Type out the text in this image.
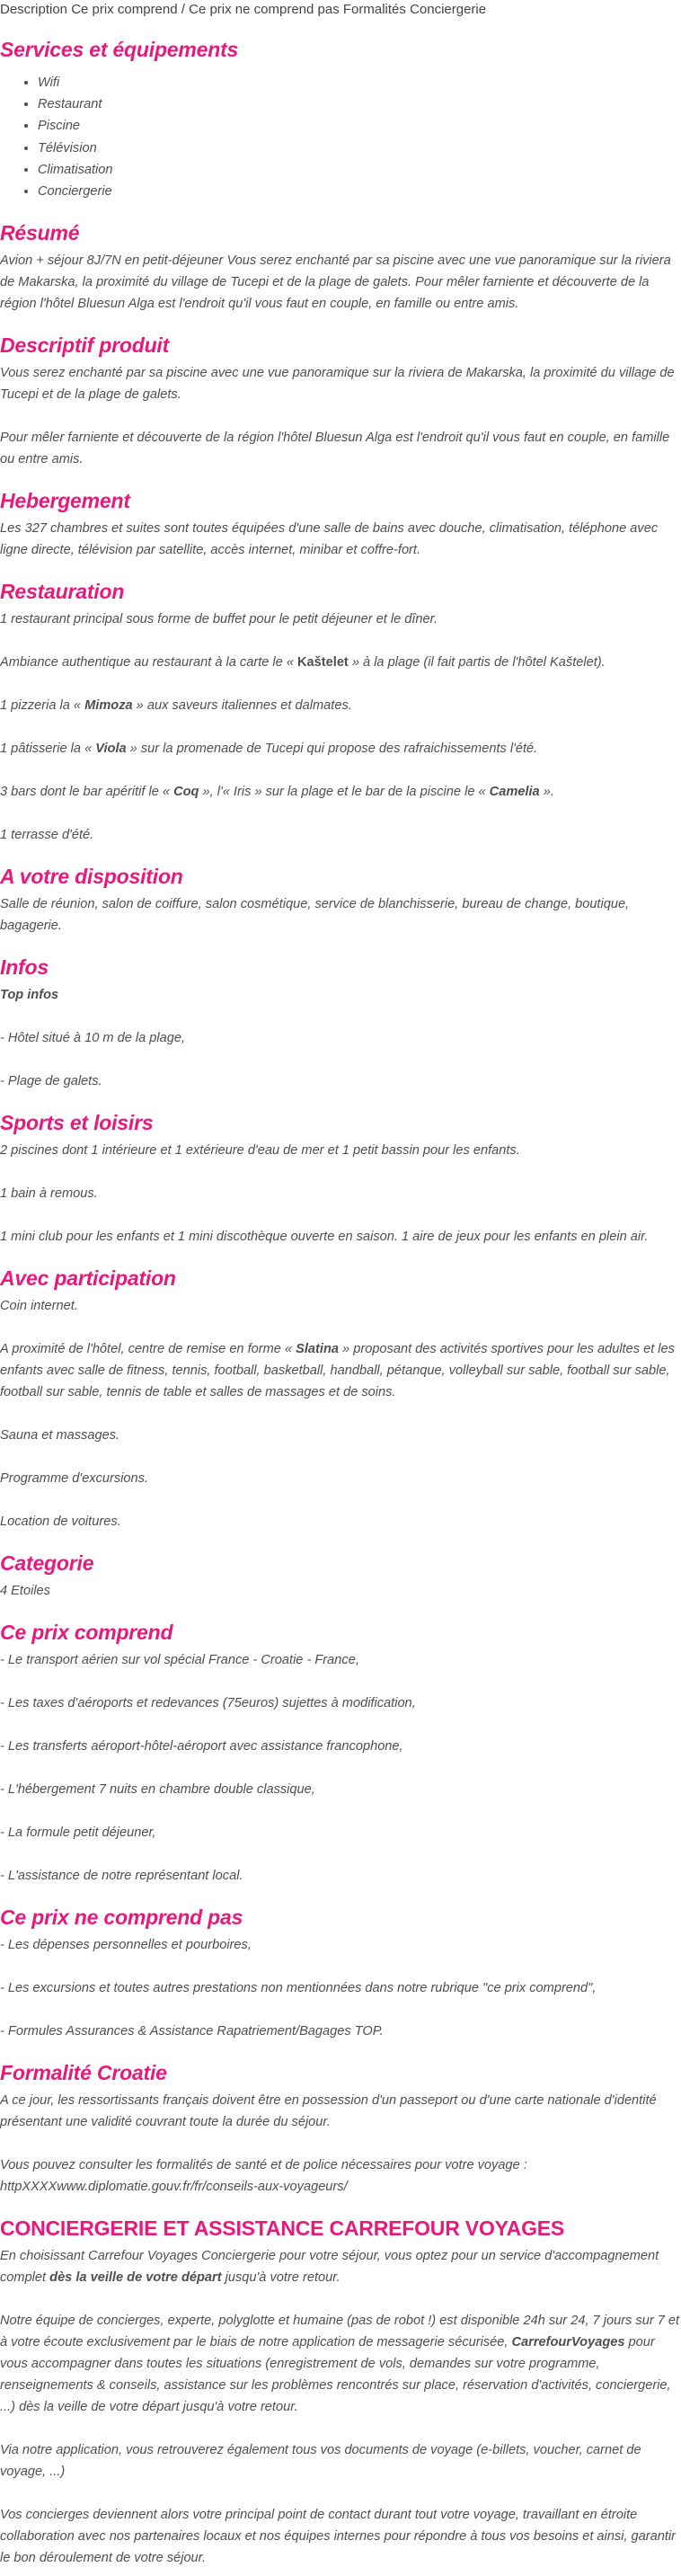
Description Ce prix comprend / Ce prix ne comprend pas Formalités Conciergerie
Services et équipements
• Wifi
• Restaurant
• Piscine
• Télévision
• Climatisation
• Conciergerie
Résumé

Avion + séjour 8J/7N en petit-déjeuner Vous serez enchanté par sa piscine avec une vue panoramique sur la riviera de Makarska, la proximité du village de Tucepi et de la plage de galets. Pour mêler farniente et découverte de la région l'hôtel Bluesun Alga est l'endroit qu'il vous faut en couple, en famille ou entre amis.

Descriptif produit

Vous serez enchanté par sa piscine avec une vue panoramique sur la riviera de Makarska, la proximité du village de Tucepi et de la plage de galets.

Pour mêler farniente et découverte de la région l'hôtel Bluesun Alga est l'endroit qu'il vous faut en couple, en famille ou entre amis.

Hebergement

Les 327 chambres et suites sont toutes équipées d'une salle de bains avec douche, climatisation, téléphone avec ligne directe, télévision par satellite, accès internet, minibar et coffre-fort.

Restauration

1 restaurant principal sous forme de buffet pour le petit déjeuner et le dîner.

Ambiance authentique au restaurant à la carte le « Kaštelet » à la plage (il fait partis de l'hôtel Kaštelet).

1 pizzeria la « Mimoza » aux saveurs italiennes et dalmates.

1 pâtisserie la « Viola » sur la promenade de Tucepi qui propose des rafraichissements l'été.

3 bars dont le bar apéritif le « Coq », l'« Iris » sur la plage et le bar de la piscine le « Camelia ».

1 terrasse d'été.

A votre disposition

Salle de réunion, salon de coiffure, salon cosmétique, service de blanchisserie, bureau de change, boutique, bagagerie.

Infos

Top infos

- Hôtel situé à 10 m de la plage,

- Plage de galets.

Sports et loisirs

2 piscines dont 1 intérieure et 1 extérieure d'eau de mer et 1 petit bassin pour les enfants.

1 bain à remous.

1 mini club pour les enfants et 1 mini discothèque ouverte en saison. 1 aire de jeux pour les enfants en plein air.

Avec participation

Coin internet.

A proximité de l'hôtel, centre de remise en forme « Slatina » proposant des activités sportives pour les adultes et les enfants avec salle de fitness, tennis, football, basketball, handball, pétanque, volleyball sur sable, football sur sable, football sur sable, tennis de table et salles de massages et de soins.

Sauna et massages.

Programme d'excursions.

Location de voitures.

Categorie

4 Etoiles

Ce prix comprend

- Le transport aérien sur vol spécial France - Croatie - France,

- Les taxes d'aéroports et redevances (75euros) sujettes à modification,

- Les transferts aéroport-hôtel-aéroport avec assistance francophone,

- L'hébergement 7 nuits en chambre double classique,

- La formule petit déjeuner,

- L'assistance de notre représentant local.

Ce prix ne comprend pas

- Les dépenses personnelles et pourboires,

- Les excursions et toutes autres prestations non mentionnées dans notre rubrique "ce prix comprend",

- Formules Assurances & Assistance Rapatriement/Bagages TOP.

Formalité Croatie

A ce jour, les ressortissants français doivent être en possession d'un passeport ou d'une carte nationale d'identité présentant une validité couvrant toute la durée du séjour.

Vous pouvez consulter les formalités de santé et de police nécessaires pour votre voyage : httpXXXXwww.diplomatie.gouv.fr/fr/conseils-aux-voyageurs/

CONCIERGERIE ET ASSISTANCE CARREFOUR VOYAGES

En choisissant Carrefour Voyages Conciergerie pour votre séjour, vous optez pour un service d'accompagnement complet dès la veille de votre départ jusqu'à votre retour.

Notre équipe de concierges, experte, polyglotte et humaine (pas de robot !) est disponible 24h sur 24, 7 jours sur 7 et à votre écoute exclusivement par le biais de notre application de messagerie sécurisée, CarrefourVoyages pour vous accompagner dans toutes les situations (enregistrement de vols, demandes sur votre programme, renseignements & conseils, assistance sur les problèmes rencontrés sur place, réservation d'activités, conciergerie, ...) dès la veille de votre départ jusqu'à votre retour.

Via notre application, vous retrouverez également tous vos documents de voyage (e-billets, voucher, carnet de voyage, ...)

Vos concierges deviennent alors votre principal point de contact durant tout votre voyage, travaillant en étroite collaboration avec nos partenaires locaux et nos équipes internes pour répondre à tous vos besoins et ainsi, garantir le bon déroulement de votre séjour.
